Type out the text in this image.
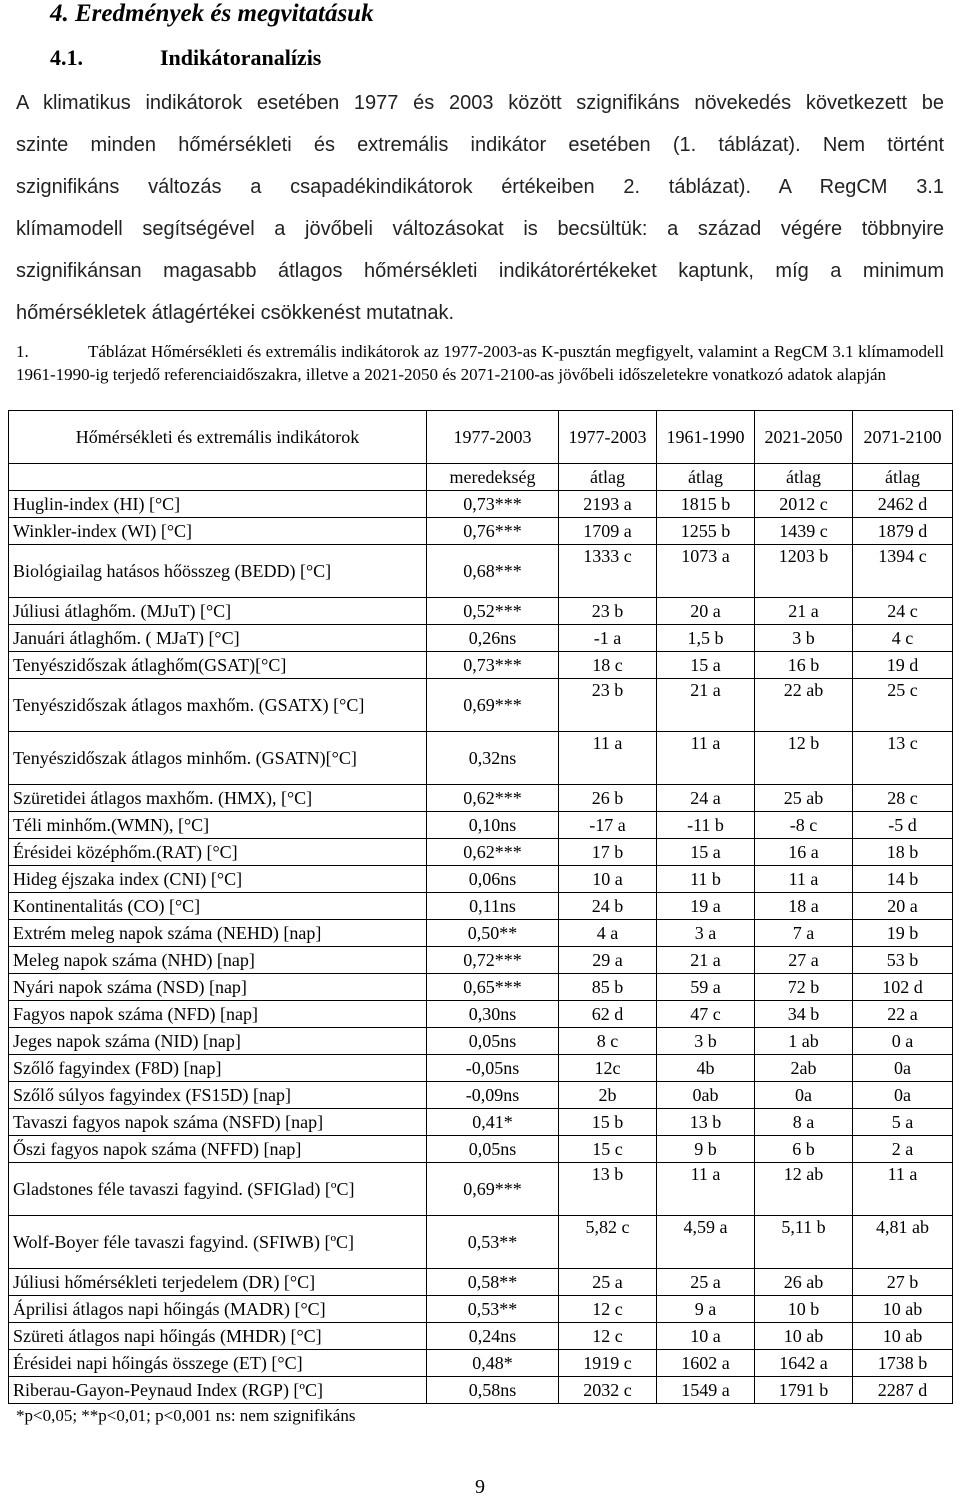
4. Eredmények és megvitatásuk
4.1.	Indikátoranalízis
A klimatikus indikátorok esetében 1977 és 2003 között szignifikáns növekedés következett be
szinte minden hőmérsékleti és extremális indikátor esetében (1. táblázat). Nem történt
szignifikáns változás a csapadékindikátorok értékeiben 2. táblázat). A RegCM 3.1
klímamodell segítségével a jövőbeli változásokat is becsültük: a század végére többnyire
szignifikánsan magasabb átlagos hőmérsékleti indikátorértékeket kaptunk, míg a minimum
hőmérsékletek átlagértékei csökkenést mutatnak.
1.	Táblázat Hőmérsékleti és extremális indikátorok az 1977-2003-as K-pusztán megfigyelt, valamint a RegCM 3.1 klímamodell 1961-1990-ig terjedő referenciaidőszakra, illetve a 2021-2050 és 2071-2100-as jövőbeli időszeletekre vonatkozó adatok alapján
Hőmérsékleti és extremális indikátorok	1977-2003	1977-2003	1961-1990	2021-2050	2071-2100
	meredekség	átlag	átlag	átlag	átlag
Huglin-index (HI) [°C]	0,73***	2193 a	1815 b	2012 c	2462 d
Winkler-index (WI) [°C]	0,76***	1709 a	1255 b	1439 c	1879 d
Biológiailag hatásos hőösszeg (BEDD) [°C]	0,68***	1333 c	1073 a	1203 b	1394 c
Júliusi átlaghőm. (MJuT) [°C]	0,52***	23 b	20 a	21 a	24 c
Januári átlaghőm. ( MJaT) [°C]	0,26ns	-1 a	1,5 b	3 b	4 c
Tenyészidőszak átlaghőm(GSAT)[°C]	0,73***	18 c	15 a	16 b	19 d
Tenyészidőszak átlagos maxhőm. (GSATX) [°C]	0,69***	23 b	21 a	22 ab	25 c
Tenyészidőszak átlagos minhőm. (GSATN)[°C]	0,32ns	11 a	11 a	12 b	13 c
Szüretidei átlagos maxhőm. (HMX), [°C]	0,62***	26 b	24 a	25 ab	28 c
Téli minhőm.(WMN), [°C]	0,10ns	-17 a	-11 b	-8 c	-5 d
Érésidei középhőm.(RAT) [°C]	0,62***	17 b	15 a	16 a	18 b
Hideg éjszaka index (CNI) [°C]	0,06ns	10 a	11 b	11 a	14 b
Kontinentalitás (CO) [°C]	0,11ns	24 b	19 a	18 a	20 a
Extrém meleg napok száma (NEHD) [nap]	0,50**	4 a	3 a	7 a	19 b
Meleg napok száma (NHD) [nap]	0,72***	29 a	21 a	27 a	53 b
Nyári napok száma (NSD) [nap]	0,65***	85 b	59 a	72 b	102 d
Fagyos napok száma (NFD) [nap]	0,30ns	62 d	47 c	34 b	22 a
Jeges napok száma (NID) [nap]	0,05ns	8 c	3 b	1 ab	0 a
Szőlő fagyindex (F8D) [nap]	-0,05ns	12c	4b	2ab	0a
Szőlő súlyos fagyindex (FS15D) [nap]	-0,09ns	2b	0ab	0a	0a
Tavaszi fagyos napok száma (NSFD) [nap]	0,41*	15 b	13 b	8 a	5 a
Őszi fagyos napok száma (NFFD) [nap]	0,05ns	15 c	9 b	6 b	2 a
Gladstones féle tavaszi fagyind. (SFIGlad) [ºC]	0,69***	13 b	11 a	12 ab	11 a
Wolf-Boyer féle tavaszi fagyind. (SFIWB) [ºC]	0,53**	5,82 c	4,59 a	5,11 b	4,81 ab
Júliusi hőmérsékleti terjedelem (DR) [°C]	0,58**	25 a	25 a	26 ab	27 b
Áprilisi átlagos napi hőingás (MADR) [°C]	0,53**	12 c	9 a	10 b	10 ab
Szüreti átlagos napi hőingás (MHDR) [°C]	0,24ns	12 c	10 a	10 ab	10 ab
Érésidei napi hőingás összege (ET) [°C]	0,48*	1919 c	1602 a	1642 a	1738 b
Riberau-Gayon-Peynaud Index (RGP) [ºC]	0,58ns	2032 c	1549 a	1791 b	2287 d
*p<0,05; **p<0,01; p<0,001 ns: nem szignifikáns
9
